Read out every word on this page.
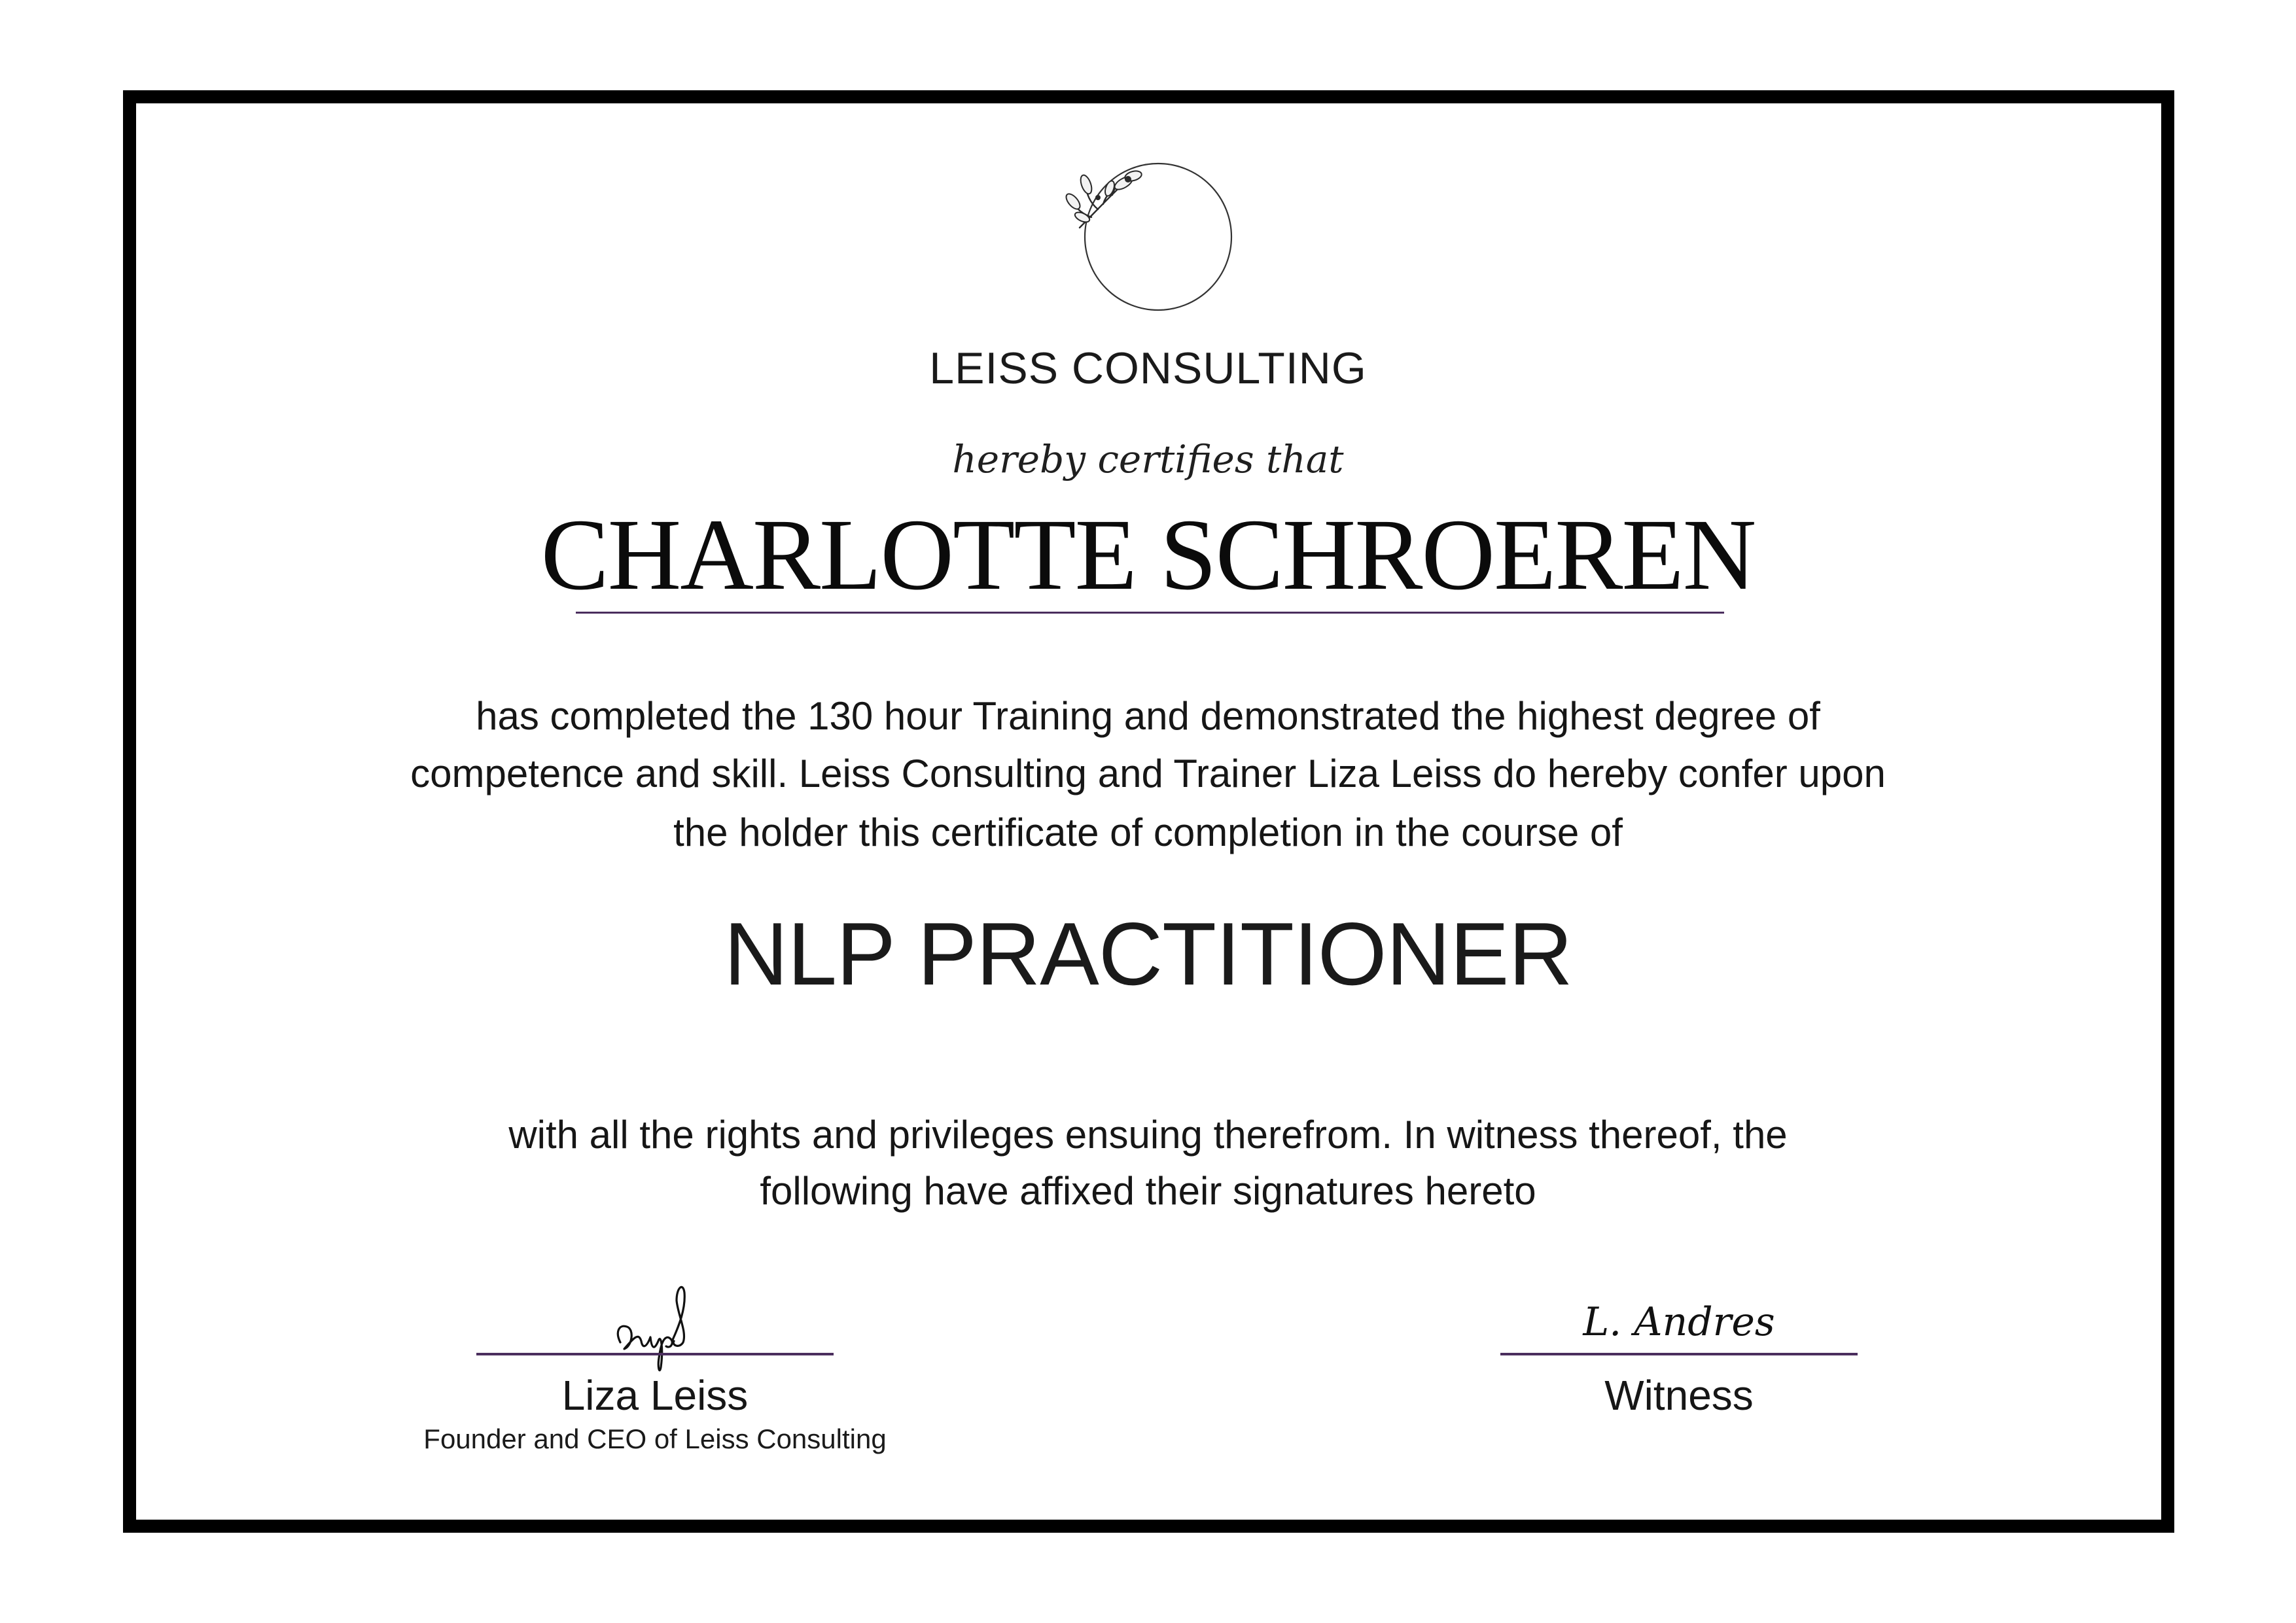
LEISS CONSULTING
hereby certifies that
CHARLOTTE SCHROEREN
has completed the 130 hour Training and demonstrated the highest degree of
competence and skill. Leiss Consulting and Trainer Liza Leiss do hereby confer upon
the holder this certificate of completion in the course of
NLP PRACTITIONER
with all the rights and privileges ensuing therefrom. In witness thereof, the
following have affixed their signatures hereto
Liza Leiss
Founder and CEO of Leiss Consulting
L. Andres
Witness
